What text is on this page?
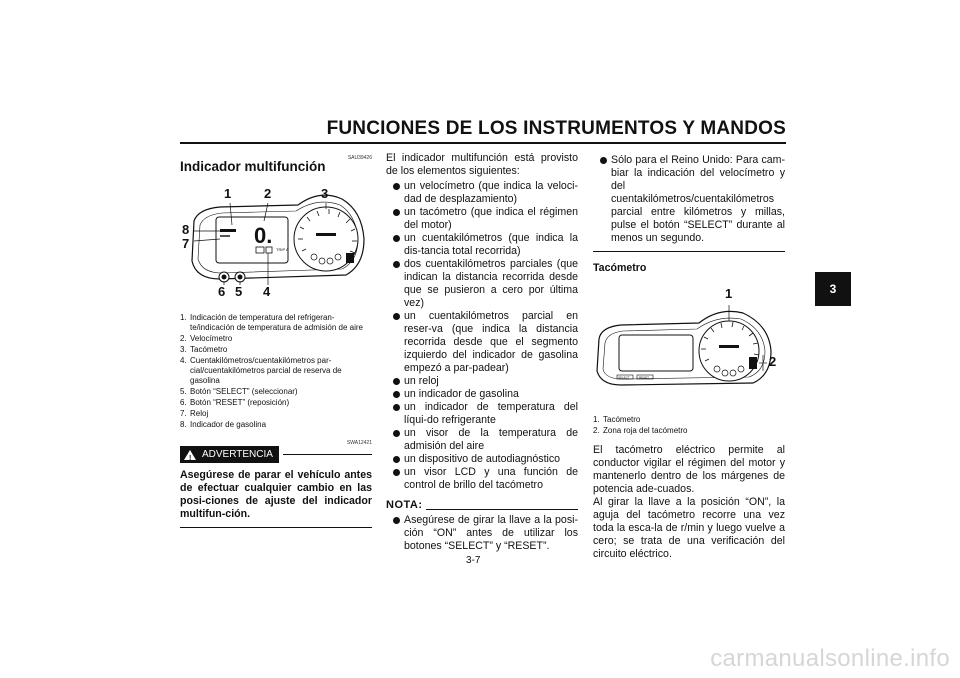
FUNCIONES DE LOS INSTRUMENTOS Y MANDOS
3
SAU39426
Indicador multifunción
0.
TRIP A
1	2	3
8
7
6 5 4
1. Indicación de temperatura del refrigeran-te/indicación de temperatura de admisión de aire
2. Velocímetro
3. Tacómetro
4. Cuentakilómetros/cuentakilómetros par-cial/cuentakilómetros parcial de reserva de gasolina
5. Botón “SELECT” (seleccionar)
6. Botón “RESET” (reposición)
7. Reloj
8. Indicador de gasolina
SWA12421
! ADVERTENCIA
Asegúrese de parar el vehículo antes de efectuar cualquier cambio en las posi-ciones de ajuste del indicador multifun-ción.
El indicador multifunción está provisto de los elementos siguientes:
un velocímetro (que indica la veloci-dad de desplazamiento)
un tacómetro (que indica el régimen del motor)
un cuentakilómetros (que indica la dis-tancia total recorrida)
dos cuentakilómetros parciales (que indican la distancia recorrida desde que se pusieron a cero por última vez)
un cuentakilómetros parcial en reser-va (que indica la distancia recorrida desde que el segmento izquierdo del indicador de gasolina empezó a par-padear)
un reloj
un indicador de gasolina
un indicador de temperatura del líqui-do refrigerante
un visor de la temperatura de admisión del aire
un dispositivo de autodiagnóstico
un visor LCD y una función de control de brillo del tacómetro
NOTA:
Asegúrese de girar la llave a la posi-ción “ON” antes de utilizar los botones “SELECT” y “RESET”.
Sólo para el Reino Unido: Para cam-biar la indicación del velocímetro y del cuentakilómetros/cuentakilómetros parcial entre kilómetros y millas, pulse el botón “SELECT” durante al menos un segundo.
Tacómetro
SELECT	RESET
1
2
1. Tacómetro
2. Zona roja del tacómetro
El tacómetro eléctrico permite al conductor vigilar el régimen del motor y mantenerlo dentro de los márgenes de potencia ade-cuados.
Al girar la llave a la posición “ON”, la aguja del tacómetro recorre una vez toda la esca-la de r/min y luego vuelve a cero; se trata de una verificación del circuito eléctrico.
3-7
carmanualsonline.info
